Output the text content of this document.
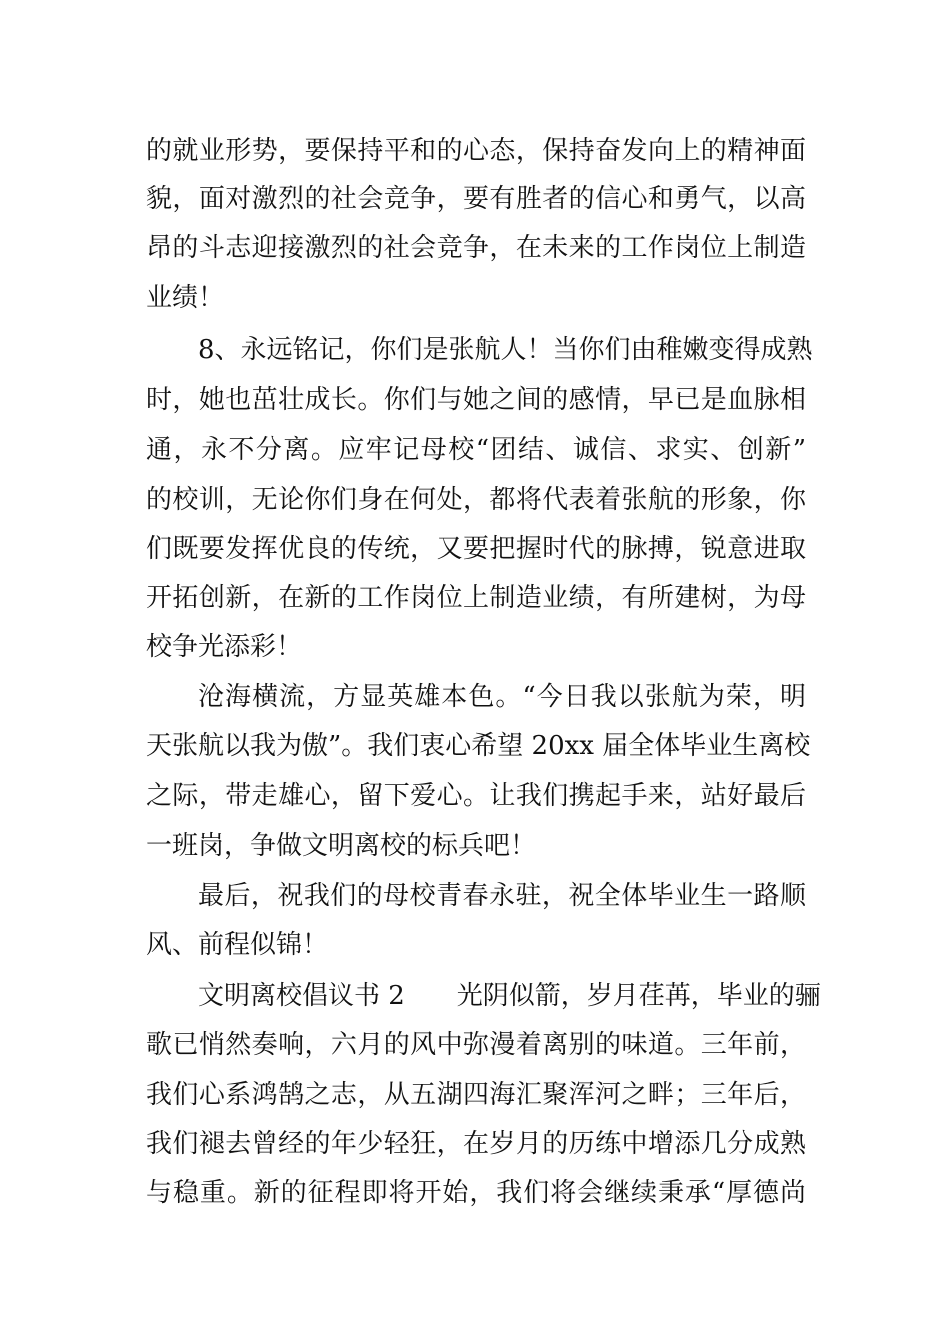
的就业形势，要保持平和的心态，保持奋发向上的精神面
貌，面对激烈的社会竞争，要有胜者的信心和勇气，以高
昂的斗志迎接激烈的社会竞争，在未来的工作岗位上制造
业绩！
8、永远铭记，你们是张航人！当你们由稚嫩变得成熟
时，她也茁壮成长。你们与她之间的感情，早已是血脉相
通，永不分离。应牢记母校“团结、诚信、求实、创新”
的校训，无论你们身在何处，都将代表着张航的形象，你
们既要发挥优良的传统，又要把握时代的脉搏，锐意进取
开拓创新，在新的工作岗位上制造业绩，有所建树，为母
校争光添彩！
沧海横流，方显英雄本色。“今日我以张航为荣，明
天张航以我为傲”。我们衷心希望 20xx 届全体毕业生离校
之际，带走雄心，留下爱心。让我们携起手来，站好最后
一班岗，争做文明离校的标兵吧！
最后，祝我们的母校青春永驻，祝全体毕业生一路顺
风、前程似锦！
文明离校倡议书 2　　光阴似箭，岁月荏苒，毕业的骊
歌已悄然奏响，六月的风中弥漫着离别的味道。三年前，
我们心系鸿鹄之志，从五湖四海汇聚浑河之畔；三年后，
我们褪去曾经的年少轻狂，在岁月的历练中增添几分成熟
与稳重。新的征程即将开始，我们将会继续秉承“厚德尚
